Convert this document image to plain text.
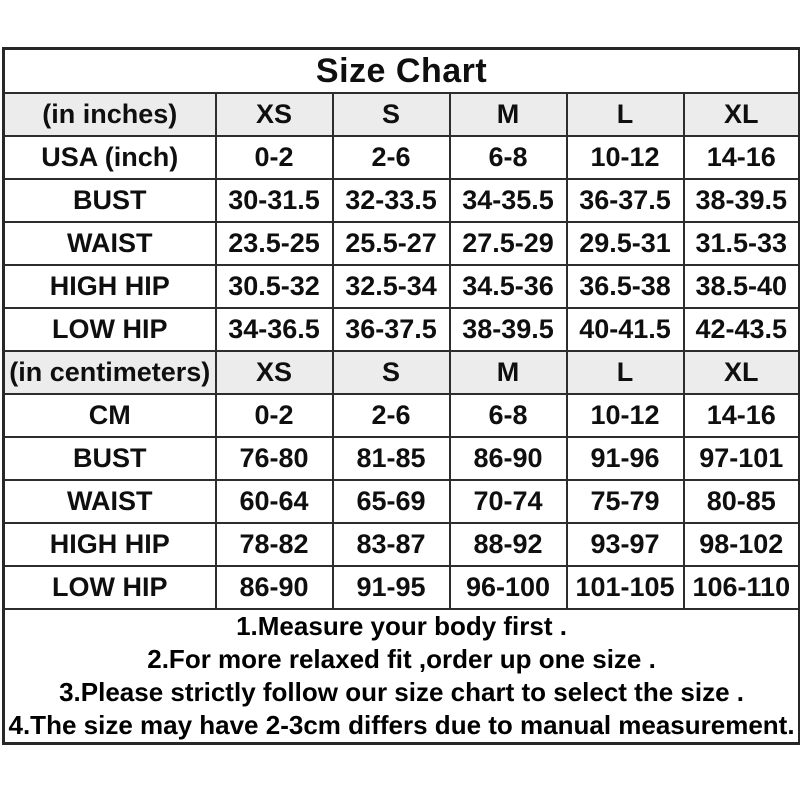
Size Chart					
(in inches)	XS	S	M	L	XL
USA (inch)	0-2	2-6	6-8	10-12	14-16
BUST	30-31.5	32-33.5	34-35.5	36-37.5	38-39.5
WAIST	23.5-25	25.5-27	27.5-29	29.5-31	31.5-33
HIGH HIP	30.5-32	32.5-34	34.5-36	36.5-38	38.5-40
LOW HIP	34-36.5	36-37.5	38-39.5	40-41.5	42-43.5
(in centimeters)	XS	S	M	L	XL
CM	0-2	2-6	6-8	10-12	14-16
BUST	76-80	81-85	86-90	91-96	97-101
WAIST	60-64	65-69	70-74	75-79	80-85
HIGH HIP	78-82	83-87	88-92	93-97	98-102
LOW HIP	86-90	91-95	96-100	101-105	106-110

1.Measure your body first .
2.For more relaxed fit ,order up one size .
3.Please strictly follow our size chart to select the size .
4.The size may have 2-3cm differs due to manual measurement.					
